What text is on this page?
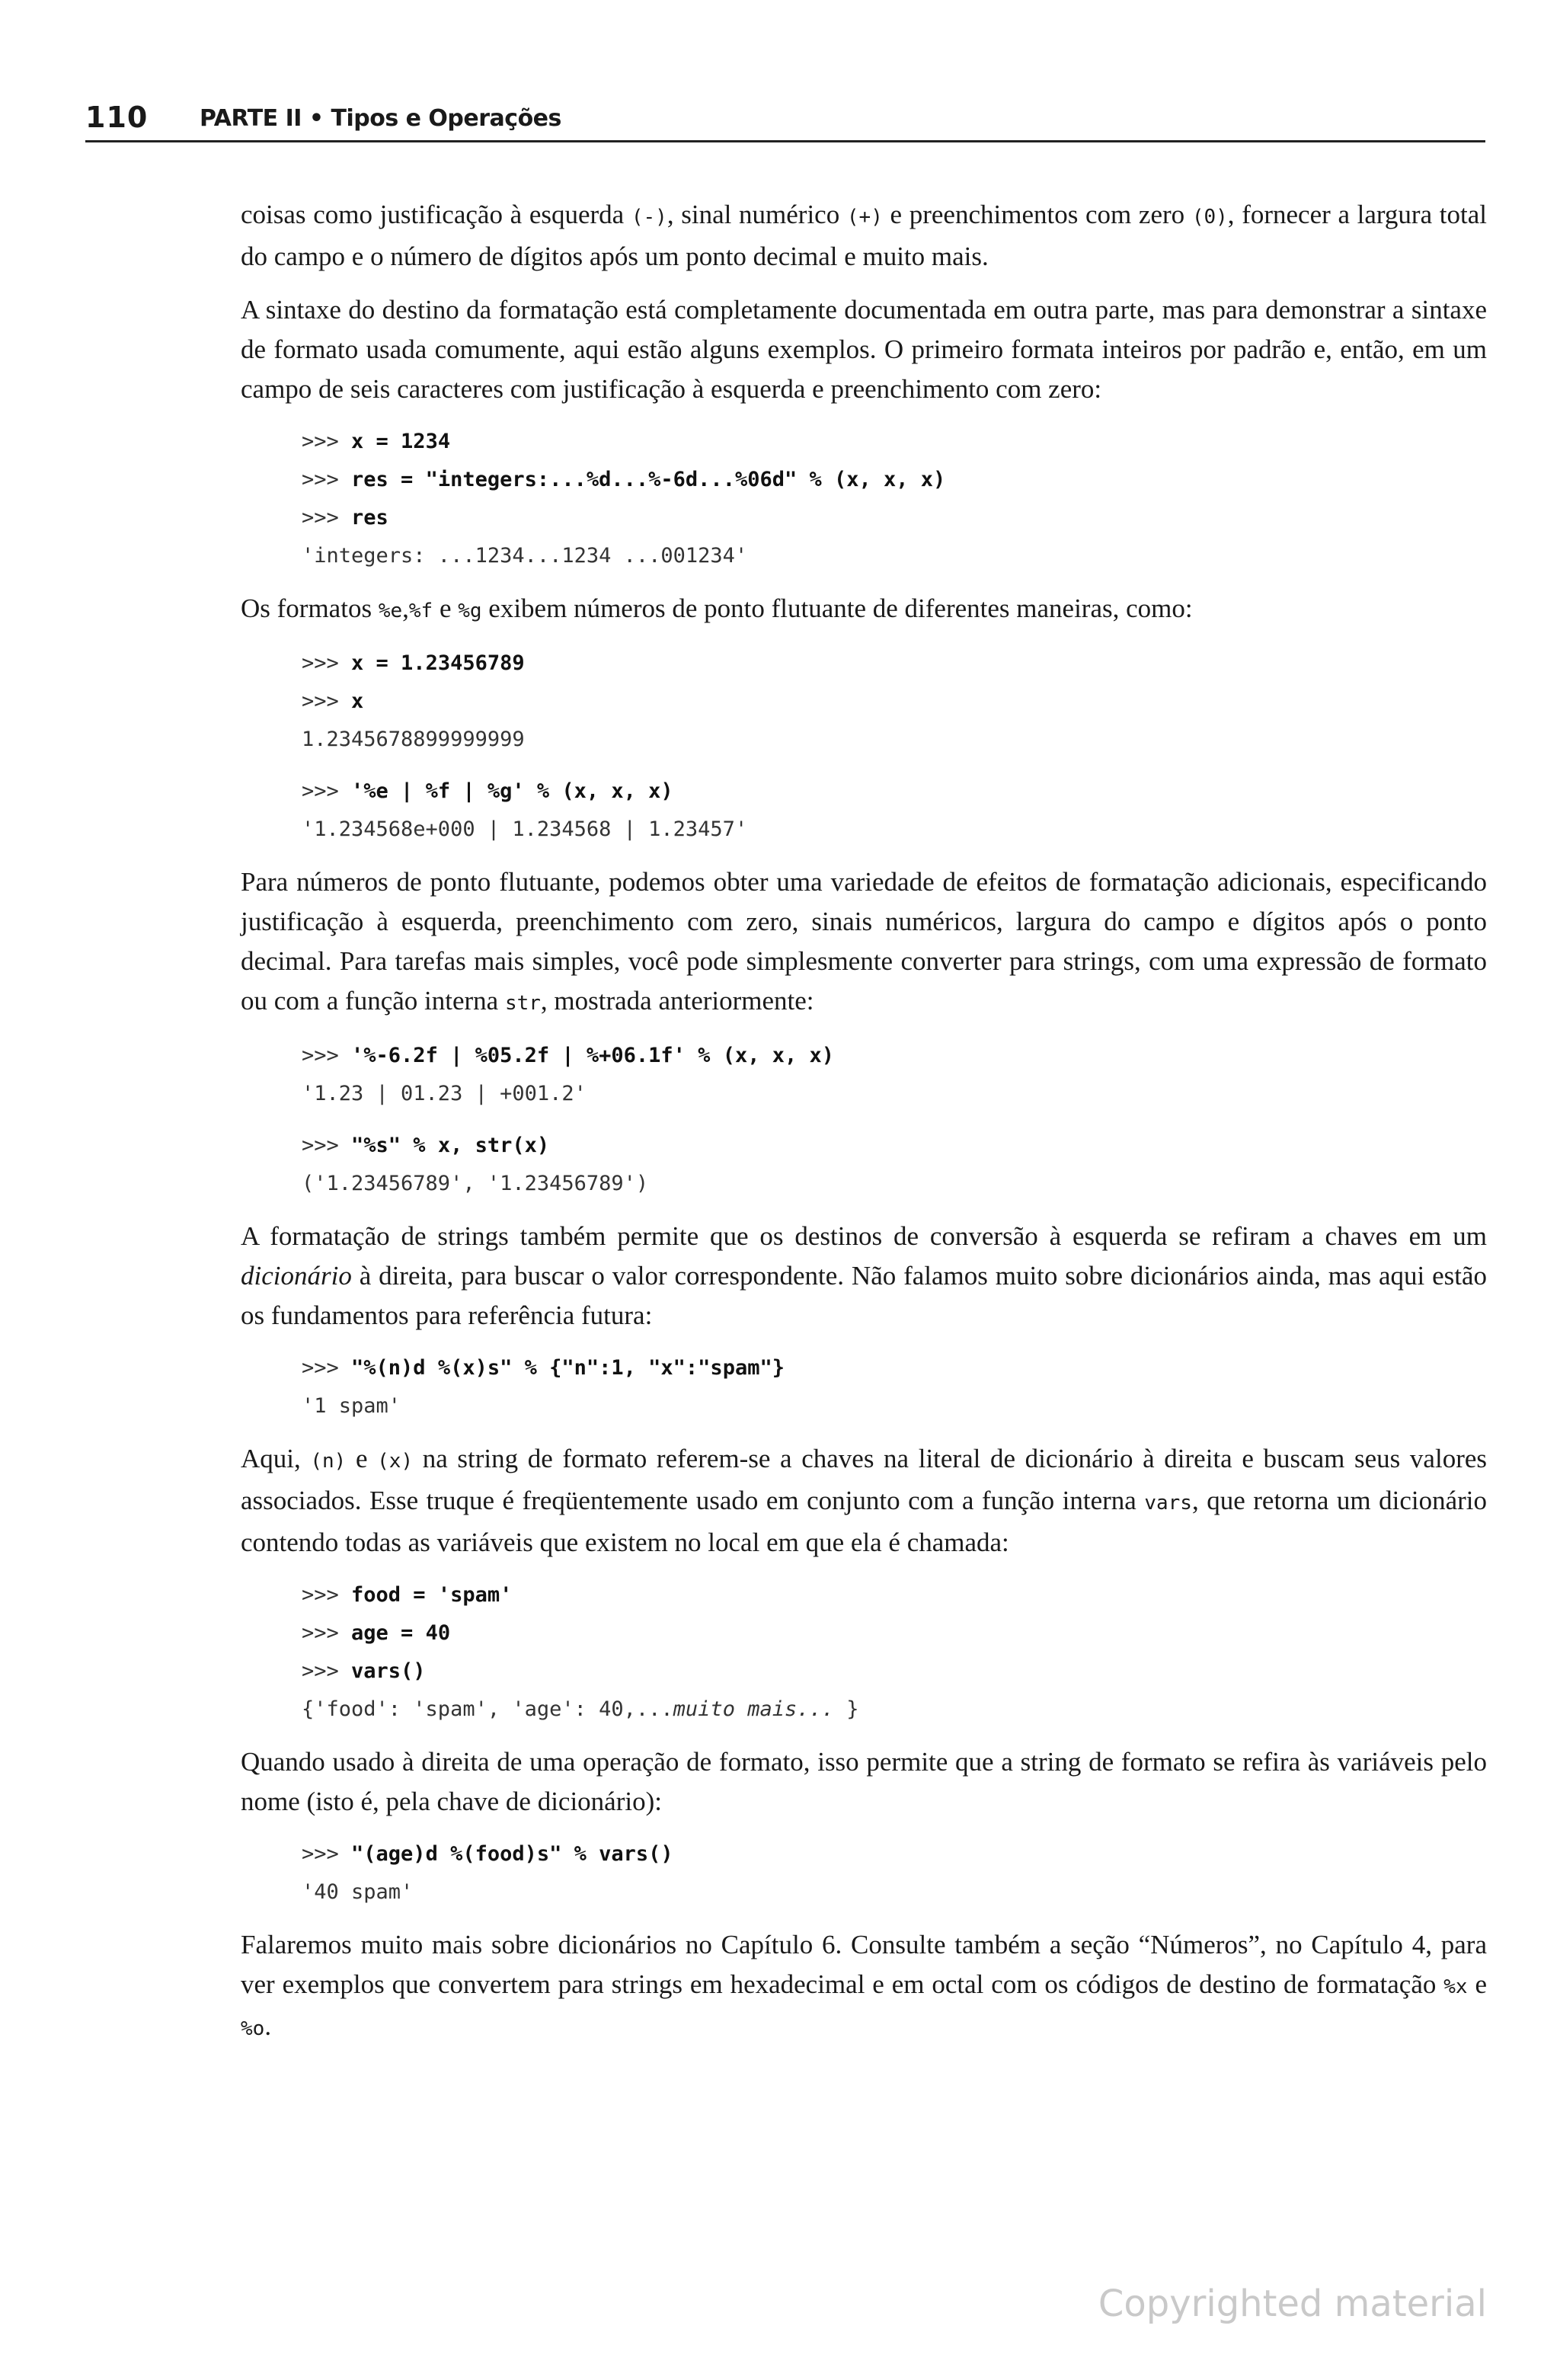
110 PARTE II • Tipos e Operações

coisas como justificação à esquerda (-), sinal numérico (+) e preenchimentos com zero (0), fornecer a largura total do campo e o número de dígitos após um ponto decimal e muito mais.

A sintaxe do destino da formatação está completamente documentada em outra parte, mas para demonstrar a sintaxe de formato usada comumente, aqui estão alguns exemplos. O primeiro formata inteiros por padrão e, então, em um campo de seis caracteres com justificação à esquerda e preenchimento com zero:

>>> x = 1234
>>> res = "integers:...%d...%-6d...%06d" % (x, x, x)
>>> res
'integers: ...1234...1234 ...001234'

Os formatos %e,%f e %g exibem números de ponto flutuante de diferentes maneiras, como:

>>> x = 1.23456789
>>> x
1.2345678899999999
>>> '%e | %f | %g' % (x, x, x)
'1.234568e+000 | 1.234568 | 1.23457'

Para números de ponto flutuante, podemos obter uma variedade de efeitos de formatação adicionais, especificando justificação à esquerda, preenchimento com zero, sinais numéricos, largura do campo e dígitos após o ponto decimal. Para tarefas mais simples, você pode simplesmente converter para strings, com uma expressão de formato ou com a função interna str, mostrada anteriormente:

>>> '%-6.2f | %05.2f | %+06.1f' % (x, x, x)
'1.23 | 01.23 | +001.2'
>>> "%s" % x, str(x)
('1.23456789', '1.23456789')

A formatação de strings também permite que os destinos de conversão à esquerda se refiram a chaves em um dicionário à direita, para buscar o valor correspondente. Não falamos muito sobre dicionários ainda, mas aqui estão os fundamentos para referência futura:

>>> "%(n)d %(x)s" % {"n":1, "x":"spam"}
'1 spam'

Aqui, (n) e (x) na string de formato referem-se a chaves na literal de dicionário à direita e buscam seus valores associados. Esse truque é freqüentemente usado em conjunto com a função interna vars, que retorna um dicionário contendo todas as variáveis que existem no local em que ela é chamada:

>>> food = 'spam'
>>> age = 40
>>> vars()
{'food': 'spam', 'age': 40,...muito mais... }

Quando usado à direita de uma operação de formato, isso permite que a string de formato se refira às variáveis pelo nome (isto é, pela chave de dicionário):

>>> "(age)d %(food)s" % vars()
'40 spam'

Falaremos muito mais sobre dicionários no Capítulo 6. Consulte também a seção “Números”, no Capítulo 4, para ver exemplos que convertem para strings em hexadecimal e em octal com os códigos de destino de formatação %x e %o.

Copyrighted material
